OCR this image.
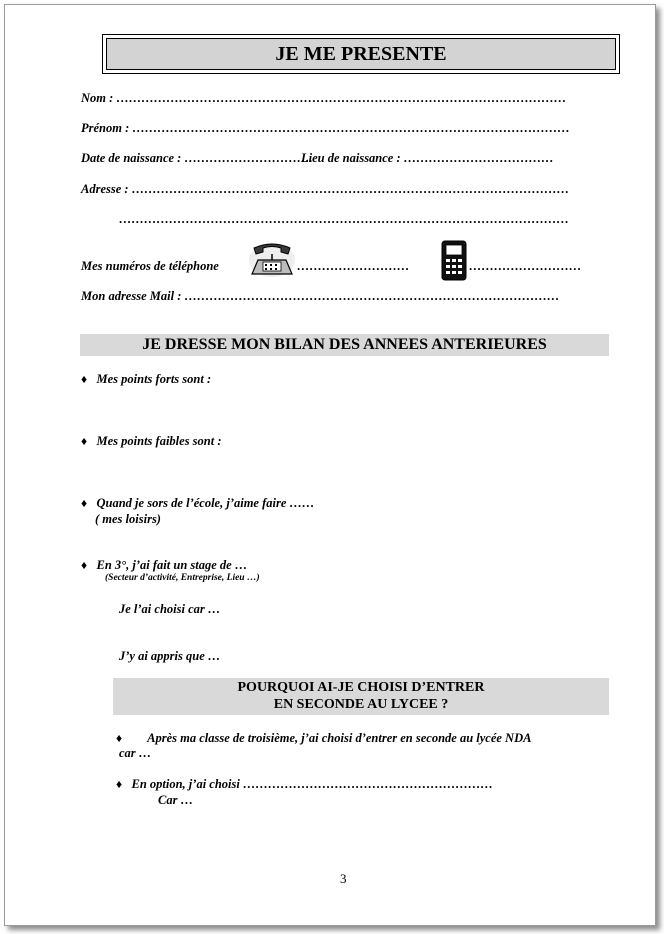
JE ME PRESENTE
Nom : ………………………………………………………………………………………………
Prénom : ……………………………………………………………………………………………
Date de naissance : ………………………….
Lieu de naissance : ………………………………
Adresse : ……………………………………………………………………………………………
………………………………………………………………………………………………
Mes numéros de téléphone	………………………	………………………
Mon adresse Mail : ………………………………………………………………………………
JE DRESSE MON BILAN DES ANNEES ANTERIEURES
♦ Mes points forts sont :
♦ Mes points faibles sont :
♦ Quand je sors de l’école, j’aime faire ……
( mes loisirs)
♦ En 3°, j’ai fait un stage de …
(Secteur d’activité, Entreprise, Lieu …)
Je l’ai choisi car …
J’y ai appris que …
POURQUOI AI-JE CHOISI D’ENTRER
EN SECONDE AU LYCEE ?
♦ Après ma classe de troisième, j’ai choisi d’entrer en seconde au lycée NDA
car …
♦ En option, j’ai choisi ……………………………………………………
Car …
3
